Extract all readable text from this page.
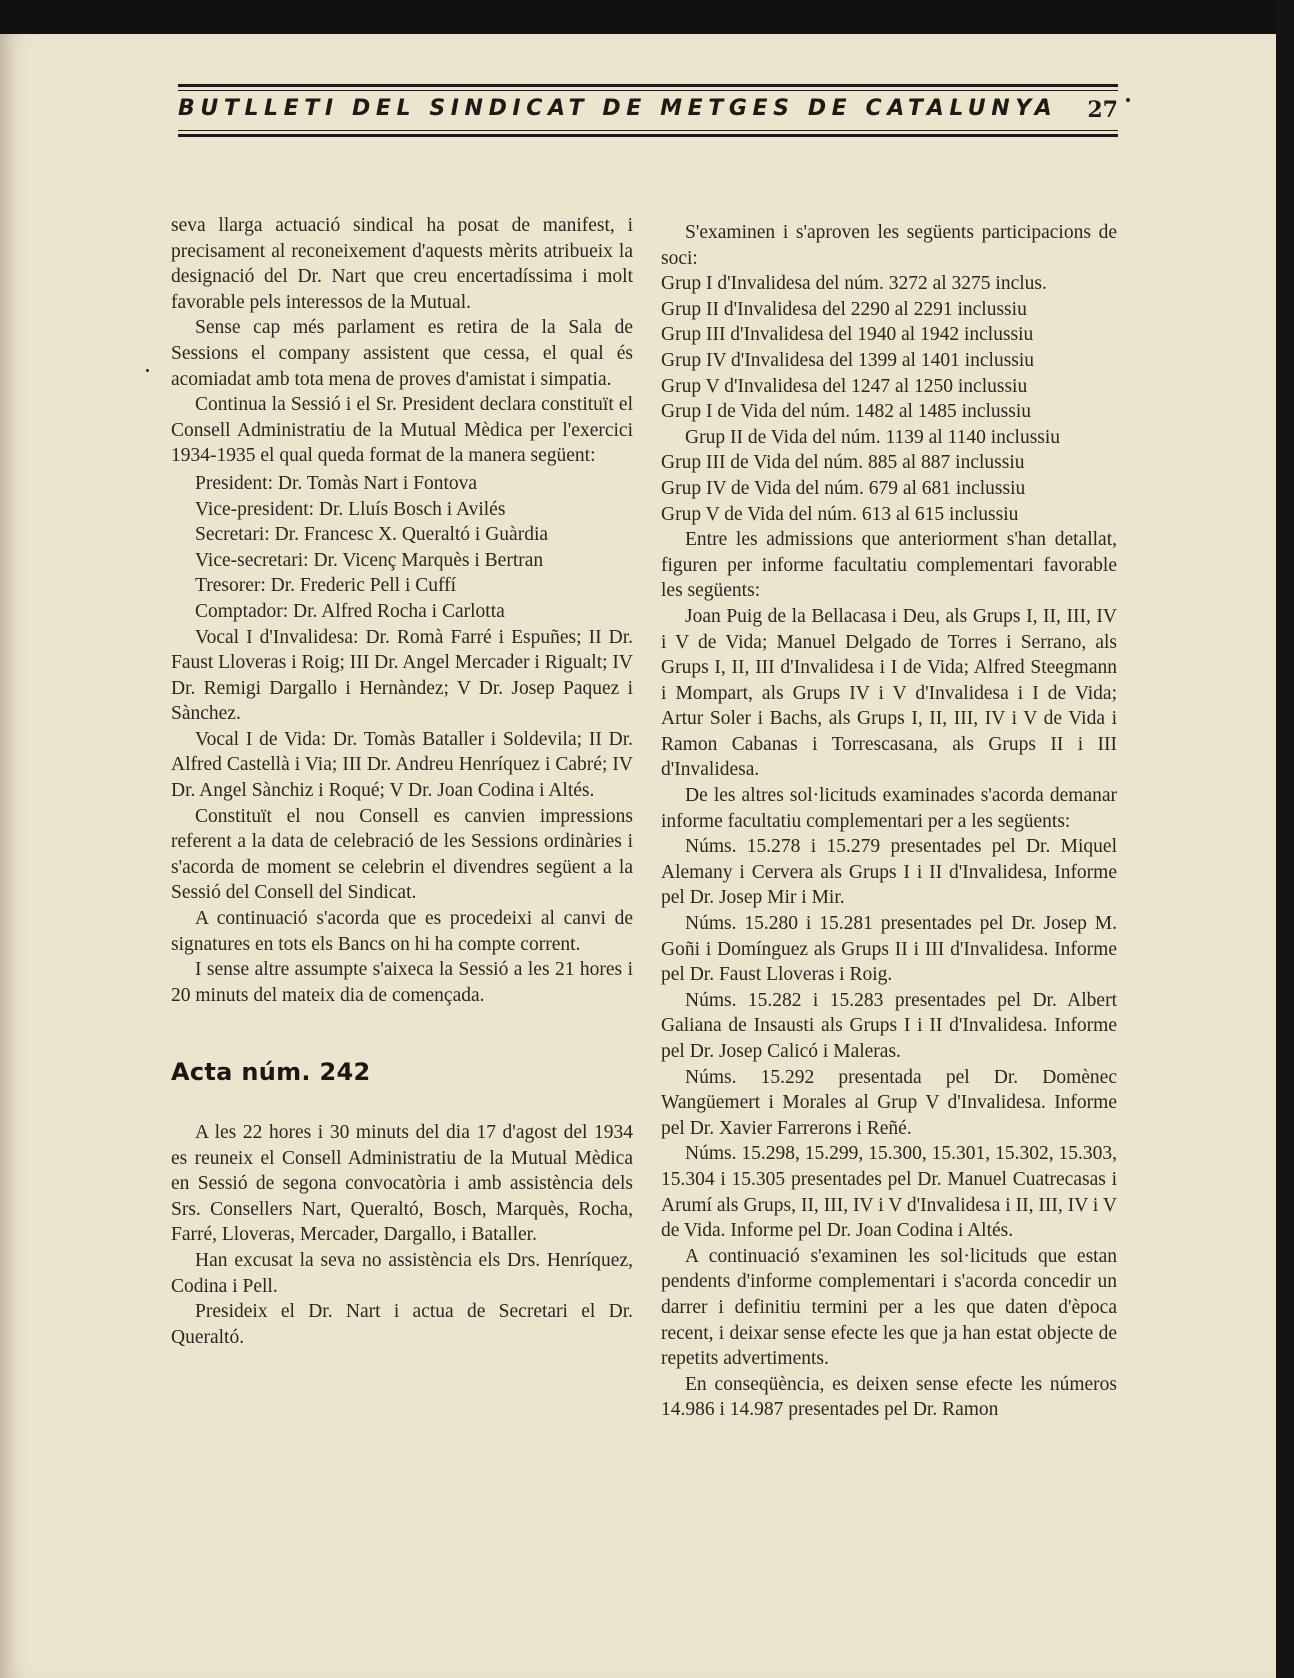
BUTLLETI DEL SINDICAT DE METGES DE CATALUNYA 27

seva llarga actuació sindical ha posat de manifest, i precisament al reconeixement d'aquests mèrits atribueix la designació del Dr. Nart que creu encertadíssima i molt favorable pels interessos de la Mutual.

Sense cap més parlament es retira de la Sala de Sessions el company assistent que cessa, el qual és acomiadat amb tota mena de proves d'amistat i simpatia.

Continua la Sessió i el Sr. President declara constituït el Consell Administratiu de la Mutual Mèdica per l'exercici 1934-1935 el qual queda format de la manera següent:

President: Dr. Tomàs Nart i Fontova

Vice-president: Dr. Lluís Bosch i Avilés

Secretari: Dr. Francesc X. Queraltó i Guàrdia

Vice-secretari: Dr. Vicenç Marquès i Bertran

Tresorer: Dr. Frederic Pell i Cuffí

Comptador: Dr. Alfred Rocha i Carlotta

Vocal I d'Invalidesa: Dr. Romà Farré i Espuñes; II Dr. Faust Lloveras i Roig; III Dr. Angel Mercader i Rigualt; IV Dr. Remigi Dargallo i Hernàndez; V Dr. Josep Paquez i Sànchez.

Vocal I de Vida: Dr. Tomàs Bataller i Soldevila; II Dr. Alfred Castellà i Via; III Dr. Andreu Henríquez i Cabré; IV Dr. Angel Sànchiz i Roqué; V Dr. Joan Codina i Altés.

Constituït el nou Consell es canvien impressions referent a la data de celebració de les Sessions ordinàries i s'acorda de moment se celebrin el divendres següent a la Sessió del Consell del Sindicat.

A continuació s'acorda que es procedeixi al canvi de signatures en tots els Bancs on hi ha compte corrent.

I sense altre assumpte s'aixeca la Sessió a les 21 hores i 20 minuts del mateix dia de començada.

Acta núm. 242

A les 22 hores i 30 minuts del dia 17 d'agost del 1934 es reuneix el Consell Administratiu de la Mutual Mèdica en Sessió de segona convocatòria i amb assistència dels Srs. Consellers Nart, Queraltó, Bosch, Marquès, Rocha, Farré, Lloveras, Mercader, Dargallo, i Bataller.

Han excusat la seva no assistència els Drs. Henríquez, Codina i Pell.

Presideix el Dr. Nart i actua de Secretari el Dr. Queraltó.

S'examinen i s'aproven les següents participacions de soci:

Grup I d'Invalidesa del núm. 3272 al 3275 inclus.

Grup II d'Invalidesa del 2290 al 2291 inclussiu

Grup III d'Invalidesa del 1940 al 1942 inclussiu

Grup IV d'Invalidesa del 1399 al 1401 inclussiu

Grup V d'Invalidesa del 1247 al 1250 inclussiu

Grup I de Vida del núm. 1482 al 1485 inclussiu

Grup II de Vida del núm. 1139 al 1140 inclussiu

Grup III de Vida del núm. 885 al 887 inclussiu

Grup IV de Vida del núm. 679 al 681 inclussiu

Grup V de Vida del núm. 613 al 615 inclussiu

Entre les admissions que anteriorment s'han detallat, figuren per informe facultatiu complementari favorable les següents:

Joan Puig de la Bellacasa i Deu, als Grups I, II, III, IV i V de Vida; Manuel Delgado de Torres i Serrano, als Grups I, II, III d'Invalidesa i I de Vida; Alfred Steegmann i Mompart, als Grups IV i V d'Invalidesa i I de Vida; Artur Soler i Bachs, als Grups I, II, III, IV i V de Vida i Ramon Cabanas i Torrescasana, als Grups II i III d'Invalidesa.

De les altres sol·licituds examinades s'acorda demanar informe facultatiu complementari per a les següents:

Núms. 15.278 i 15.279 presentades pel Dr. Miquel Alemany i Cervera als Grups I i II d'Invalidesa, Informe pel Dr. Josep Mir i Mir.

Núms. 15.280 i 15.281 presentades pel Dr. Josep M. Goñi i Domínguez als Grups II i III d'Invalidesa. Informe pel Dr. Faust Lloveras i Roig.

Núms. 15.282 i 15.283 presentades pel Dr. Albert Galiana de Insausti als Grups I i II d'Invalidesa. Informe pel Dr. Josep Calicó i Maleras.

Núms. 15.292 presentada pel Dr. Domènec Wangüemert i Morales al Grup V d'Invalidesa. Informe pel Dr. Xavier Farrerons i Reñé.

Núms. 15.298, 15.299, 15.300, 15.301, 15.302, 15.303, 15.304 i 15.305 presentades pel Dr. Manuel Cuatrecasas i Arumí als Grups, II, III, IV i V d'Invalidesa i II, III, IV i V de Vida. Informe pel Dr. Joan Codina i Altés.

A continuació s'examinen les sol·licituds que estan pendents d'informe complementari i s'acorda concedir un darrer i definitiu termini per a les que daten d'època recent, i deixar sense efecte les que ja han estat objecte de repetits advertiments.

En conseqüència, es deixen sense efecte les números 14.986 i 14.987 presentades pel Dr. Ramon
